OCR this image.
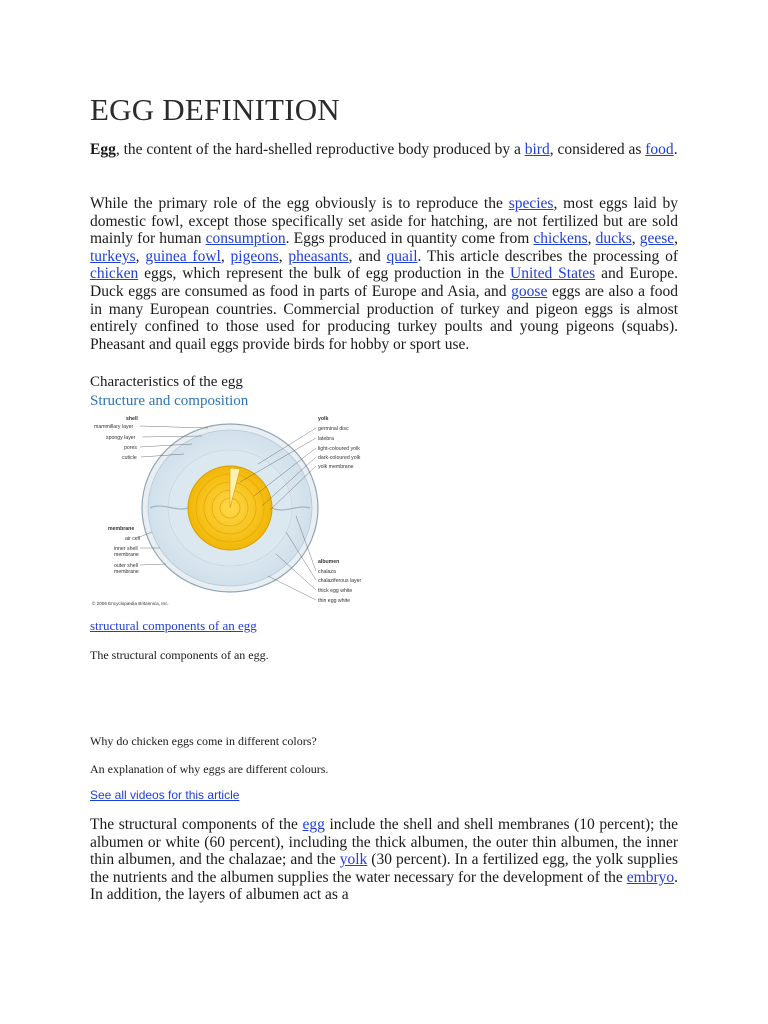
EGG DEFINITION
Egg, the content of the hard-shelled reproductive body produced by a bird, considered as food.
While the primary role of the egg obviously is to reproduce the species, most eggs laid by domestic fowl, except those specifically set aside for hatching, are not fertilized but are sold mainly for human consumption. Eggs produced in quantity come from chickens, ducks, geese, turkeys, guinea fowl, pigeons, pheasants, and quail. This article describes the processing of chicken eggs, which represent the bulk of egg production in the United States and Europe. Duck eggs are consumed as food in parts of Europe and Asia, and goose eggs are also a food in many European countries. Commercial production of turkey and pigeon eggs is almost entirely confined to those used for producing turkey poults and young pigeons (squabs). Pheasant and quail eggs provide birds for hobby or sport use.
Characteristics of the egg
Structure and composition
shell
mammillary layer
spongy layer
pores
cuticle
membrane
air cell
inner shell
membrane
outer shell
membrane
yolk
germinal disc
latebra
light-coloured yolk
dark-coloured yolk
yolk membrane
albumen
chalaza
chalaziferous layer
thick egg white
thin egg white
© 2006 Encyclopædia Britannica, Inc.
structural components of an egg
The structural components of an egg.
Why do chicken eggs come in different colors?
An explanation of why eggs are different colours.
See all videos for this article
The structural components of the egg include the shell and shell membranes (10 percent); the albumen or white (60 percent), including the thick albumen, the outer thin albumen, the inner thin albumen, and the chalazae; and the yolk (30 percent). In a fertilized egg, the yolk supplies the nutrients and the albumen supplies the water necessary for the development of the embryo. In addition, the layers of albumen act as a
